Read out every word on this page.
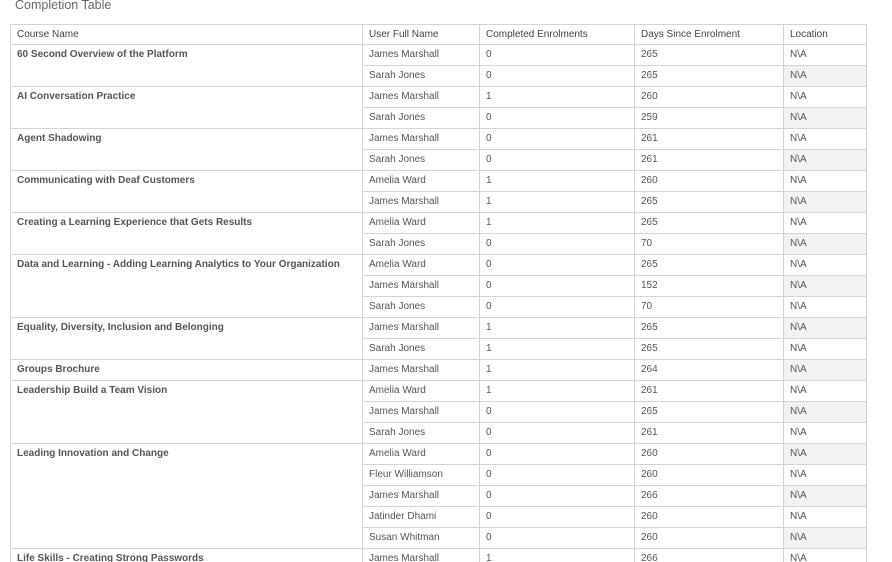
Completion Table
Course Name	User Full Name	Completed Enrolments	Days Since Enrolment	Location
60 Second Overview of the Platform	James Marshall	0	265	N\A
	Sarah Jones	0	265	N\A
AI Conversation Practice	James Marshall	1	260	N\A
	Sarah Jones	0	259	N\A
Agent Shadowing	James Marshall	0	261	N\A
	Sarah Jones	0	261	N\A
Communicating with Deaf Customers	Amelia Ward	1	260	N\A
	James Marshall	1	265	N\A
Creating a Learning Experience that Gets Results	Amelia Ward	1	265	N\A
	Sarah Jones	0	70	N\A
Data and Learning - Adding Learning Analytics to Your Organization	Amelia Ward	0	265	N\A
	James Marshall	0	152	N\A
	Sarah Jones	0	70	N\A
Equality, Diversity, Inclusion and Belonging	James Marshall	1	265	N\A
	Sarah Jones	1	265	N\A
Groups Brochure	James Marshall	1	264	N\A
Leadership Build a Team Vision	Amelia Ward	1	261	N\A
	James Marshall	0	265	N\A
	Sarah Jones	0	261	N\A
Leading Innovation and Change	Amelia Ward	0	260	N\A
	Fleur Williamson	0	260	N\A
	James Marshall	0	266	N\A
	Jatinder Dhami	0	260	N\A
	Susan Whitman	0	260	N\A
Life Skills - Creating Strong Passwords	James Marshall	1	266	N\A
